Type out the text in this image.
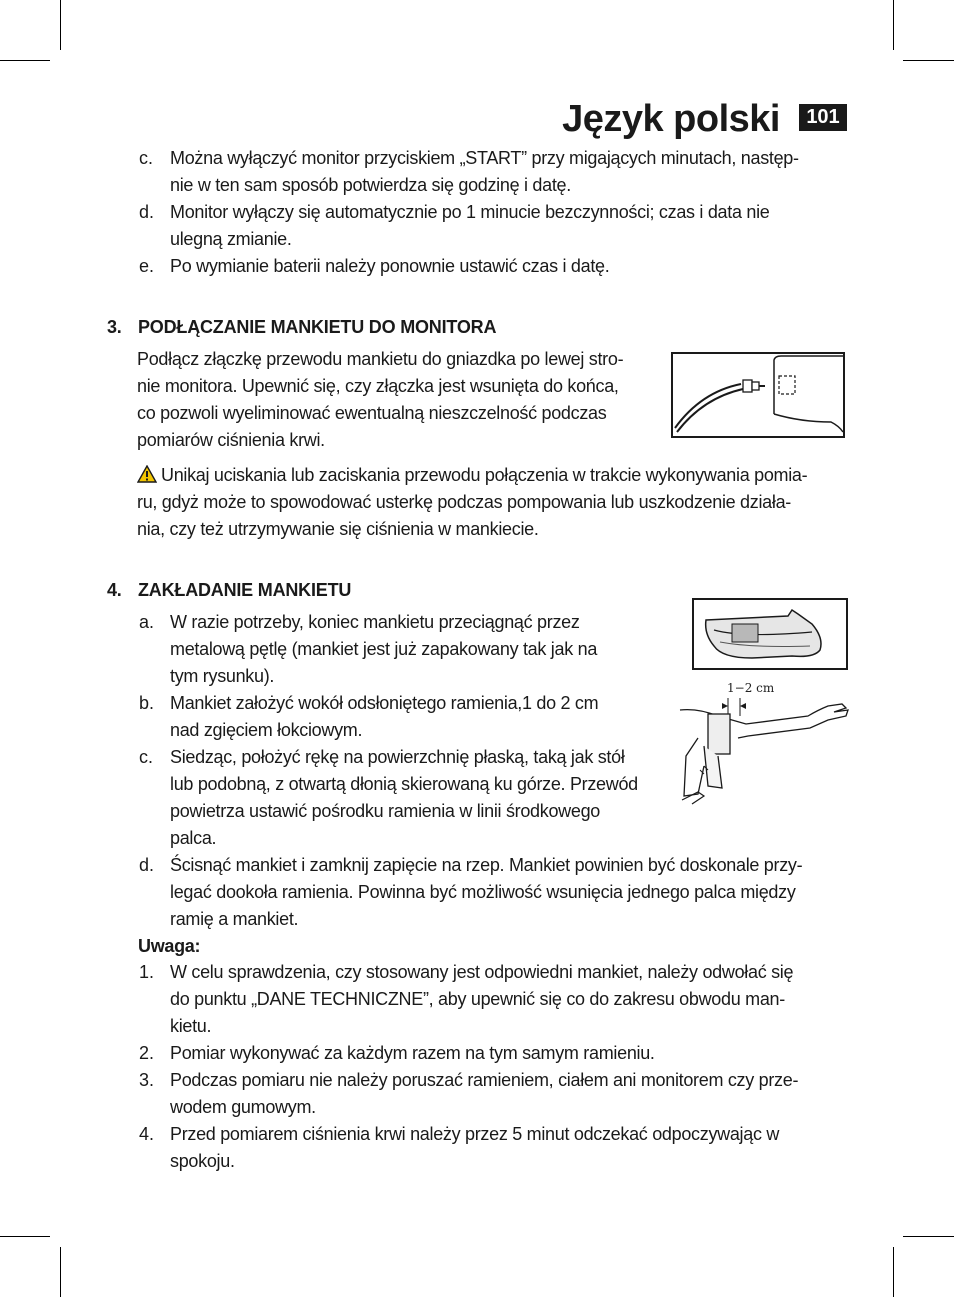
Język polski	101
c. Można wyłączyć monitor przyciskiem „START” przy migających minutach, następ-
nie w ten sam sposób potwierdza się godzinę i datę.
d. Monitor wyłączy się automatycznie po 1 minucie bezczynności; czas i data nie
ulegną zmianie.
e. Po wymianie baterii należy ponownie ustawić czas i datę.
3. PODŁĄCZANIE MANKIETU DO MONITORA
Podłącz złączkę przewodu mankietu do gniazdka po lewej stro-
nie monitora. Upewnić się, czy złączka jest wsunięta do końca,
co pozwoli wyeliminować ewentualną nieszczelność podczas
pomiarów ciśnienia krwi.
Unikaj uciskania lub zaciskania przewodu połączenia w trakcie wykonywania pomia-
ru, gdyż może to spowodować usterkę podczas pompowania lub uszkodzenie działa-
nia, czy też utrzymywanie się ciśnienia w mankiecie.
4. ZAKŁADANIE MANKIETU
1−2 cm
a. W razie potrzeby, koniec mankietu przeciągnąć przez
metalową pętlę (mankiet jest już zapakowany tak jak na
tym rysunku).
b. Mankiet założyć wokół odsłoniętego ramienia,1 do 2 cm
nad zgięciem łokciowym.
c. Siedząc, położyć rękę na powierzchnię płaską, taką jak stół
lub podobną, z otwartą dłonią skierowaną ku górze. Przewód
powietrza ustawić pośrodku ramienia w linii środkowego
palca.
d. Ścisnąć mankiet i zamknij zapięcie na rzep. Mankiet powinien być doskonale przy-
legać dookoła ramienia. Powinna być możliwość wsunięcia jednego palca między
ramię a mankiet.
Uwaga:
1. W celu sprawdzenia, czy stosowany jest odpowiedni mankiet, należy odwołać się
do punktu „DANE TECHNICZNE”, aby upewnić się co do zakresu obwodu man-
kietu.
2. Pomiar wykonywać za każdym razem na tym samym ramieniu.
3. Podczas pomiaru nie należy poruszać ramieniem, ciałem ani monitorem czy prze-
wodem gumowym.
4. Przed pomiarem ciśnienia krwi należy przez 5 minut odczekać odpoczywając w
spokoju.
